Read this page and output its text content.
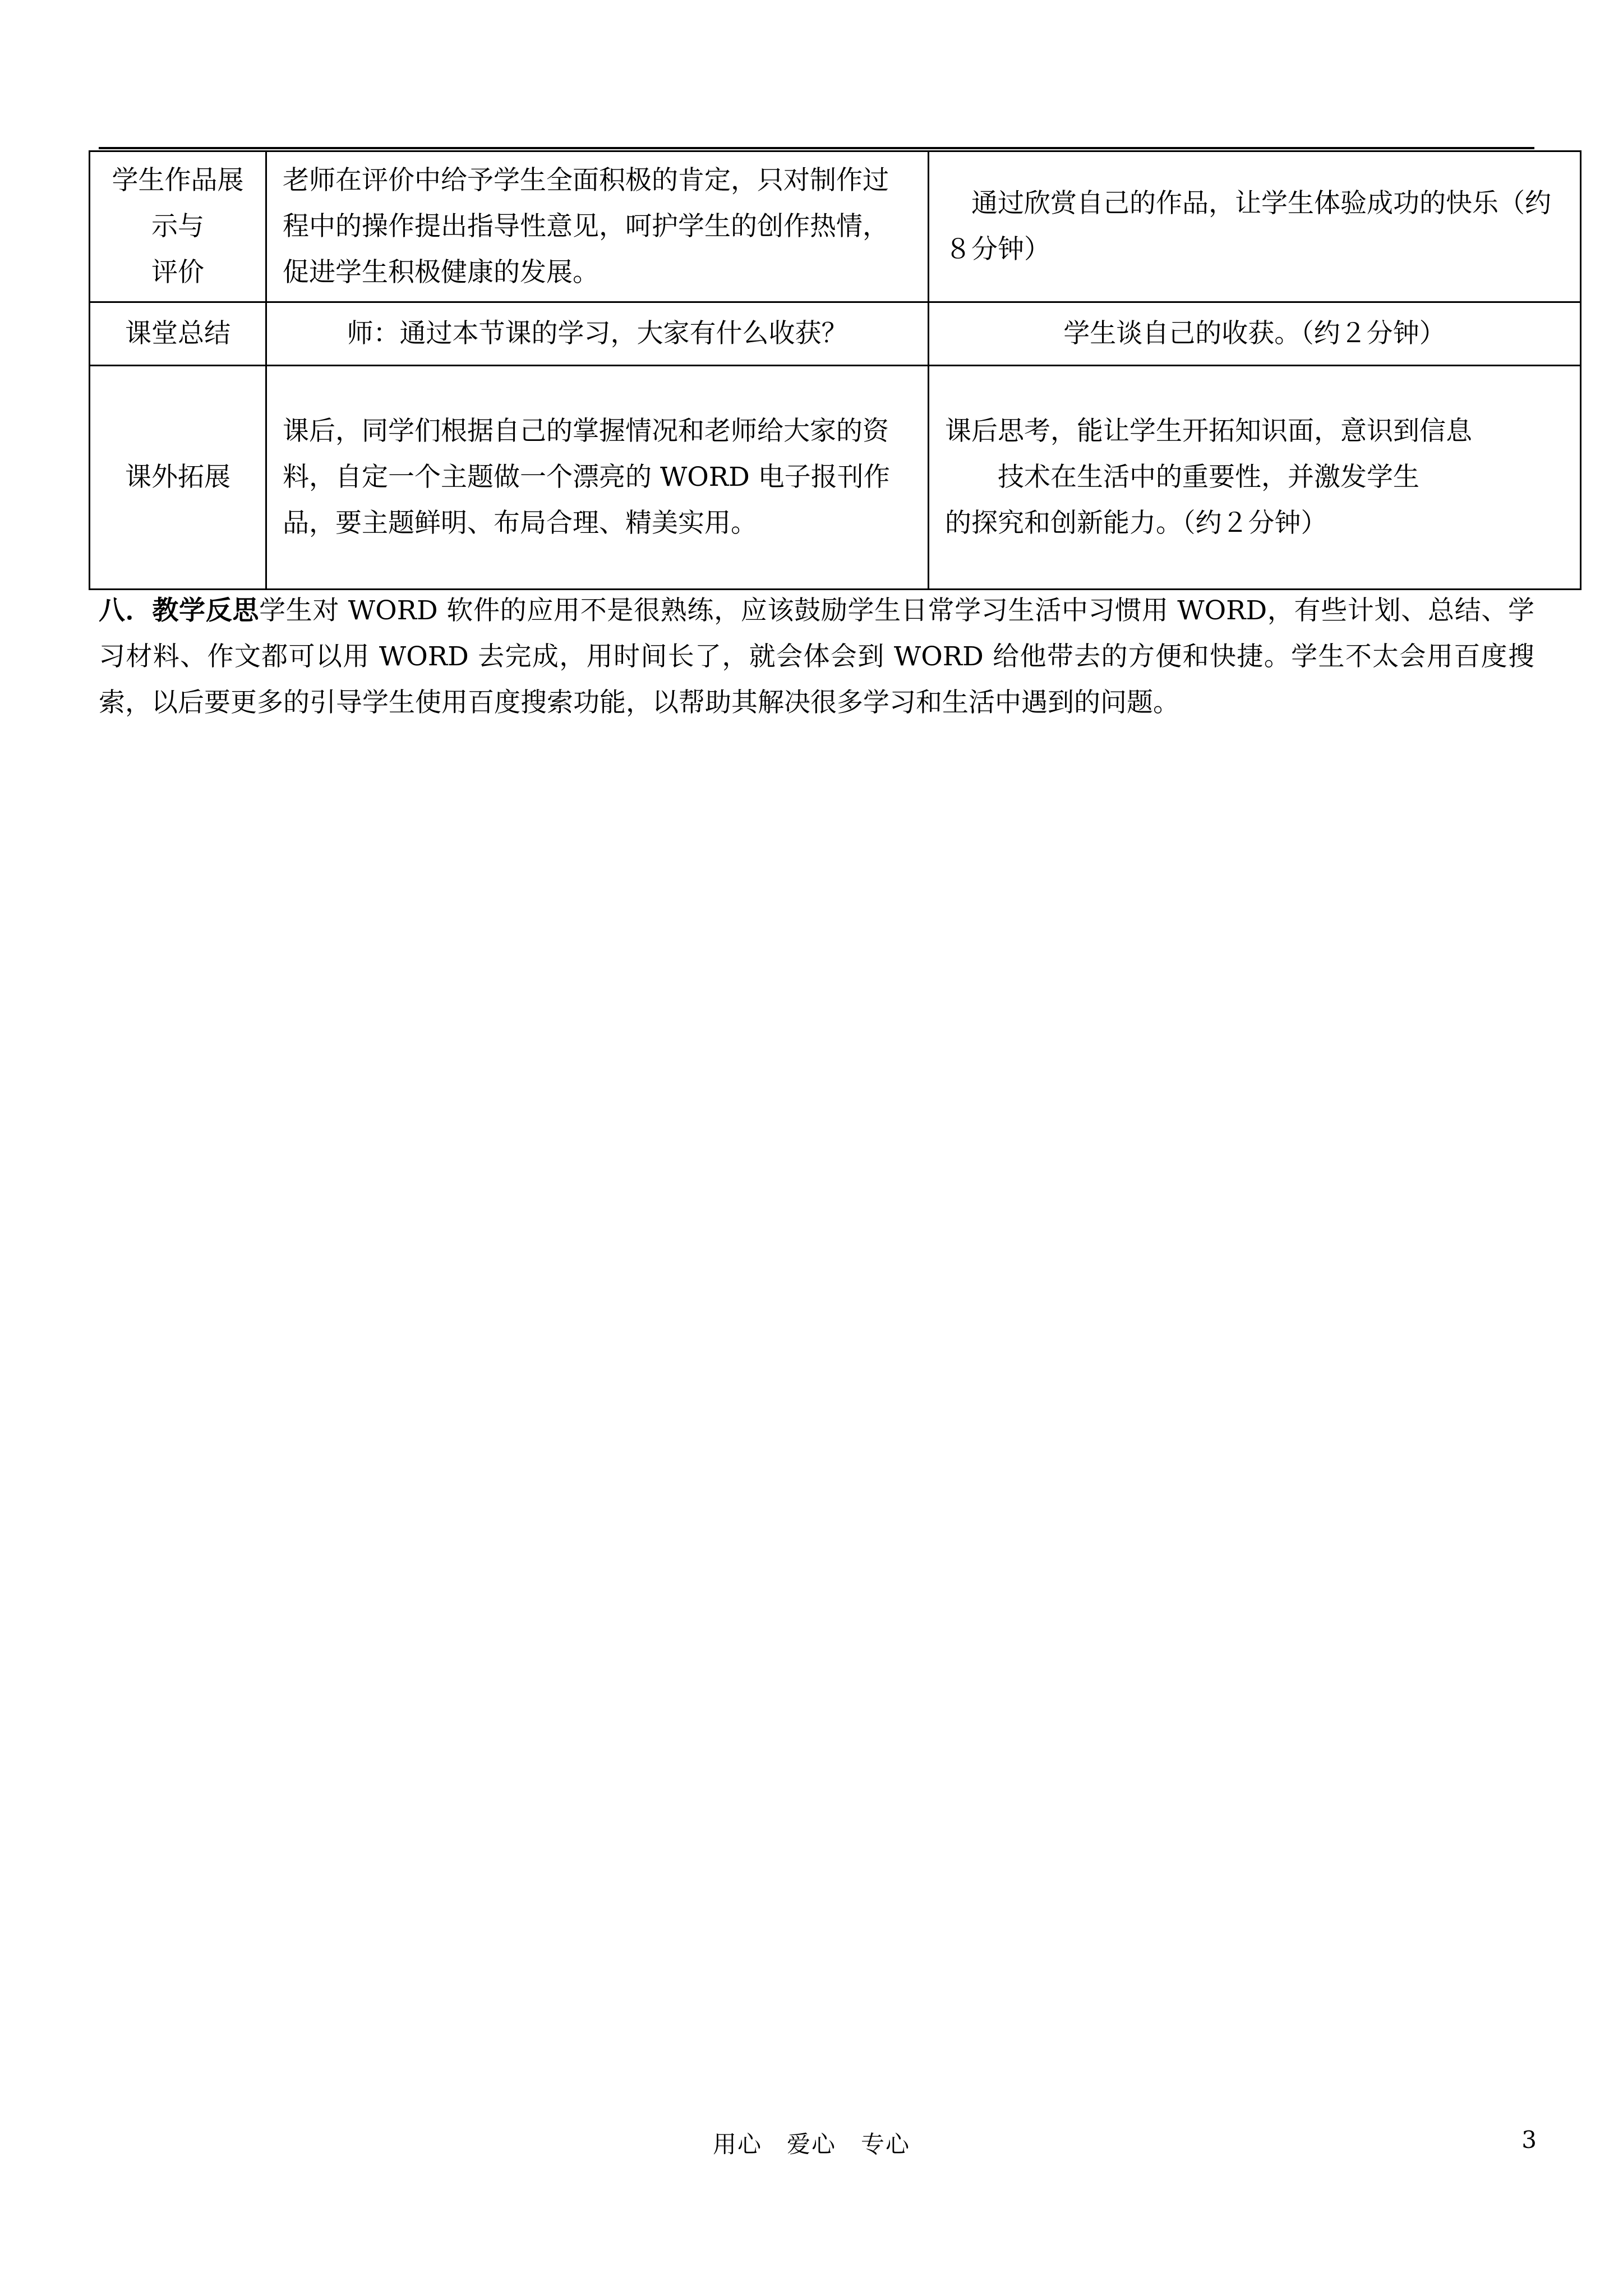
学生作品展
示与
评价	老师在评价中给予学生全面积极的肯定，只对制作过程中的操作提出指导性意见，呵护学生的创作热情，促进学生积极健康的发展。	　通过欣赏自己的作品，让学生体验成功的快乐（约８分钟）
课堂总结	师：通过本节课的学习，大家有什么收获？	学生谈自己的收获。（约２分钟）
课外拓展	课后，同学们根据自己的掌握情况和老师给大家的资料，自定一个主题做一个漂亮的 WORD 电子报刊作品，要主题鲜明、布局合理、精美实用。	课后思考，能让学生开拓知识面，意识到信息
　　技术在生活中的重要性，并激发学生
的探究和创新能力。（约２分钟）
八．教学反思学生对 WORD 软件的应用不是很熟练，应该鼓励学生日常学习生活中习惯用 WORD，有些计划、总结、学习材料、作文都可以用 WORD 去完成，用时间长了，就会体会到 WORD 给他带去的方便和快捷。学生不太会用百度搜索，以后要更多的引导学生使用百度搜索功能，以帮助其解决很多学习和生活中遇到的问题。
用心　爱心　专心	3
